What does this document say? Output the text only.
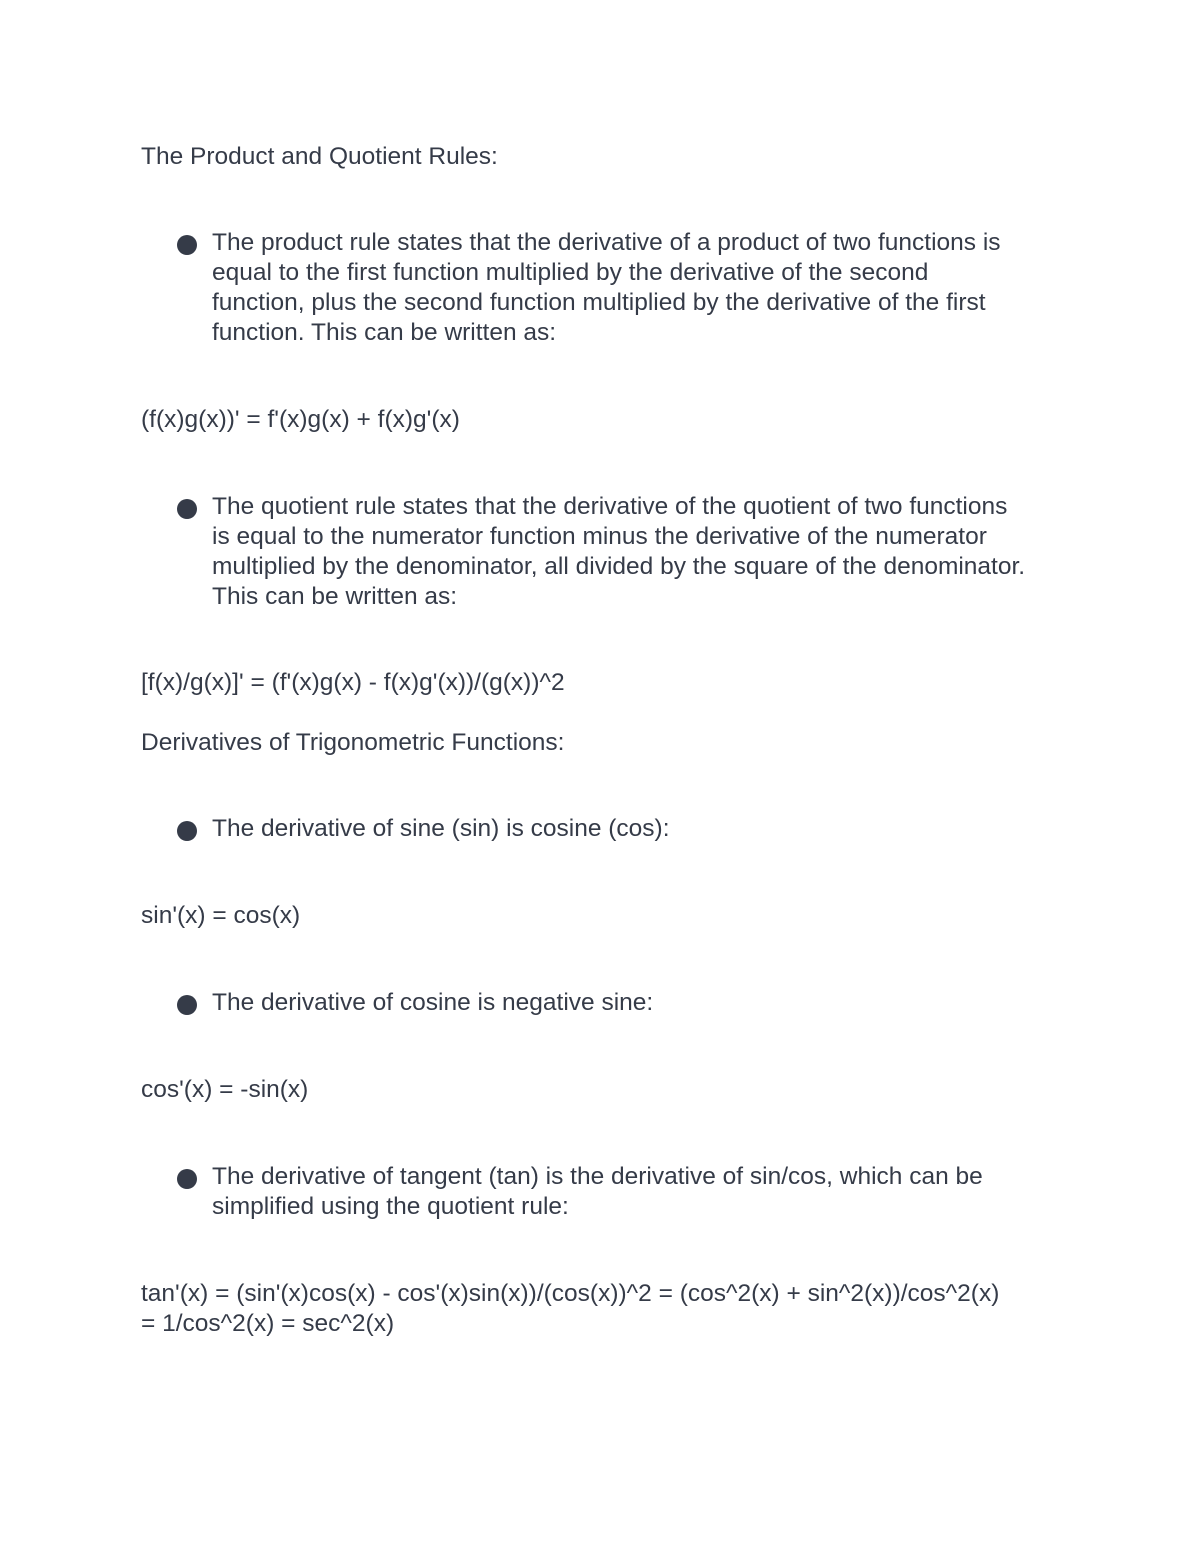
The Product and Quotient Rules:
The product rule states that the derivative of a product of two functions is
equal to the first function multiplied by the derivative of the second
function, plus the second function multiplied by the derivative of the first
function. This can be written as:
(f(x)g(x))' = f'(x)g(x) + f(x)g'(x)
The quotient rule states that the derivative of the quotient of two functions
is equal to the numerator function minus the derivative of the numerator
multiplied by the denominator, all divided by the square of the denominator.
This can be written as:
[f(x)/g(x)]' = (f'(x)g(x) - f(x)g'(x))/(g(x))^2
Derivatives of Trigonometric Functions:
The derivative of sine (sin) is cosine (cos):
sin'(x) = cos(x)
The derivative of cosine is negative sine:
cos'(x) = -sin(x)
The derivative of tangent (tan) is the derivative of sin/cos, which can be
simplified using the quotient rule:
tan'(x) = (sin'(x)cos(x) - cos'(x)sin(x))/(cos(x))^2 = (cos^2(x) + sin^2(x))/cos^2(x)
= 1/cos^2(x) = sec^2(x)
